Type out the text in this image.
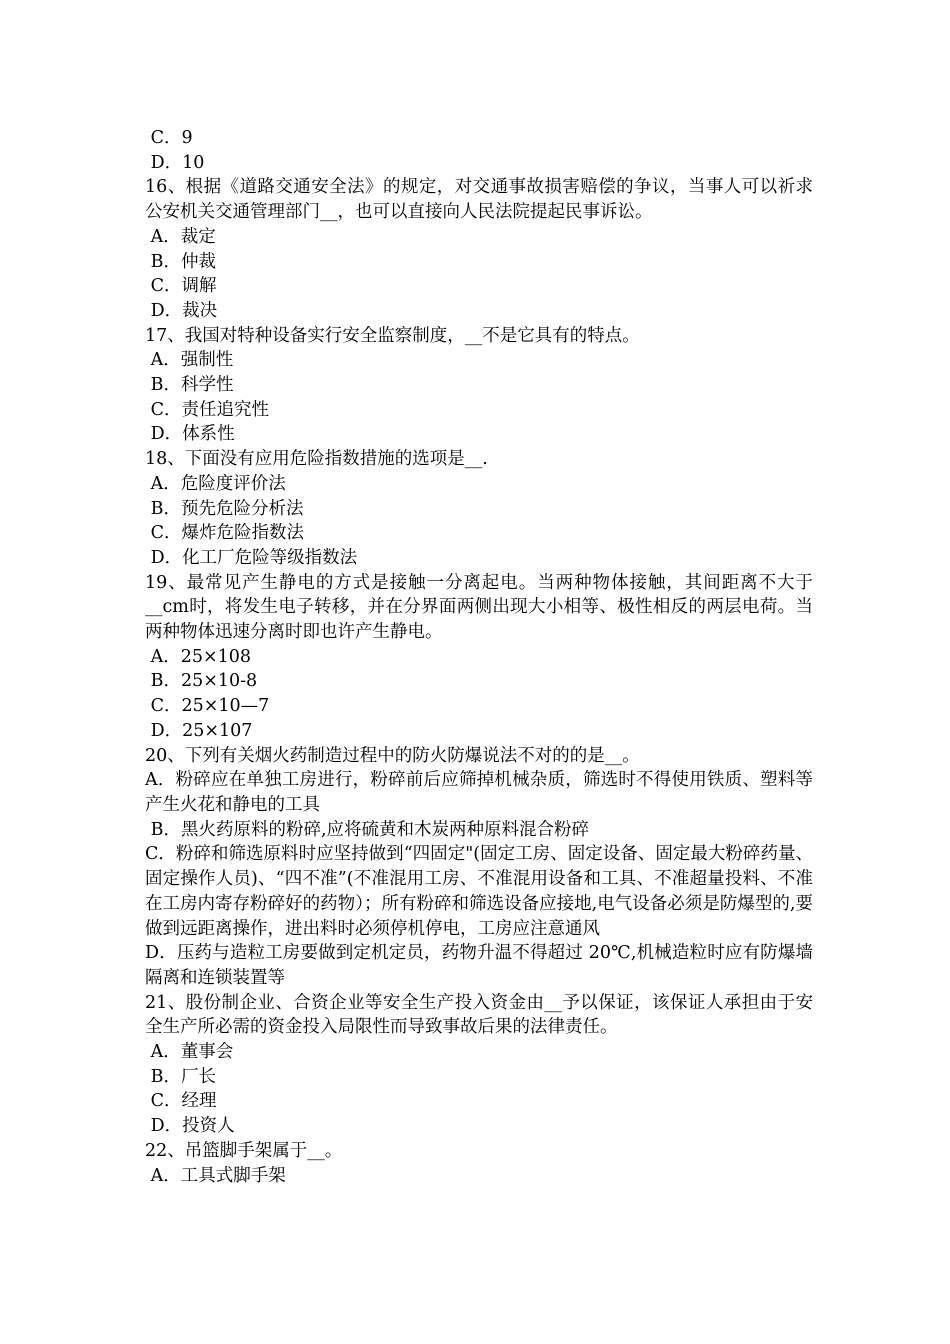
C．9
D．10
16、根据《道路交通安全法》的规定，对交通事故损害赔偿的争议，当事人可以祈求公安机关交通管理部门__，也可以直接向人民法院提起民事诉讼。
A．裁定
B．仲裁
C．调解
D．裁决
17、我国对特种设备实行安全监察制度，__不是它具有的特点。
A．强制性
B．科学性
C．责任追究性
D．体系性
18、下面没有应用危险指数措施的选项是__.
A．危险度评价法
B．预先危险分析法
C．爆炸危险指数法
D．化工厂危险等级指数法
19、最常见产生静电的方式是接触一分离起电。当两种物体接触，其间距离不大于__cm时，将发生电子转移，并在分界面两侧出现大小相等、极性相反的两层电荷。当两种物体迅速分离时即也许产生静电。
A．25×108
B．25×10-8
C．25×10—7
D．25×107
20、下列有关烟火药制造过程中的防火防爆说法不对的的是__。
A．粉碎应在单独工房进行，粉碎前后应筛掉机械杂质，筛选时不得使用铁质、塑料等产生火花和静电的工具
B．黑火药原料的粉碎,应将硫黄和木炭两种原料混合粉碎
C．粉碎和筛选原料时应坚持做到“四固定"(固定工房、固定设备、固定最大粉碎药量、固定操作人员)、“四不准”(不准混用工房、不准混用设备和工具、不准超量投料、不准在工房内寄存粉碎好的药物）；所有粉碎和筛选设备应接地,电气设备必须是防爆型的,要做到远距离操作，进出料时必须停机停电，工房应注意通风
D．压药与造粒工房要做到定机定员，药物升温不得超过 20℃,机械造粒时应有防爆墙隔离和连锁装置等
21、股份制企业、合资企业等安全生产投入资金由__予以保证，该保证人承担由于安全生产所必需的资金投入局限性而导致事故后果的法律责任。
A．董事会
B．厂长
C．经理
D．投资人
22、吊篮脚手架属于__。
A．工具式脚手架
